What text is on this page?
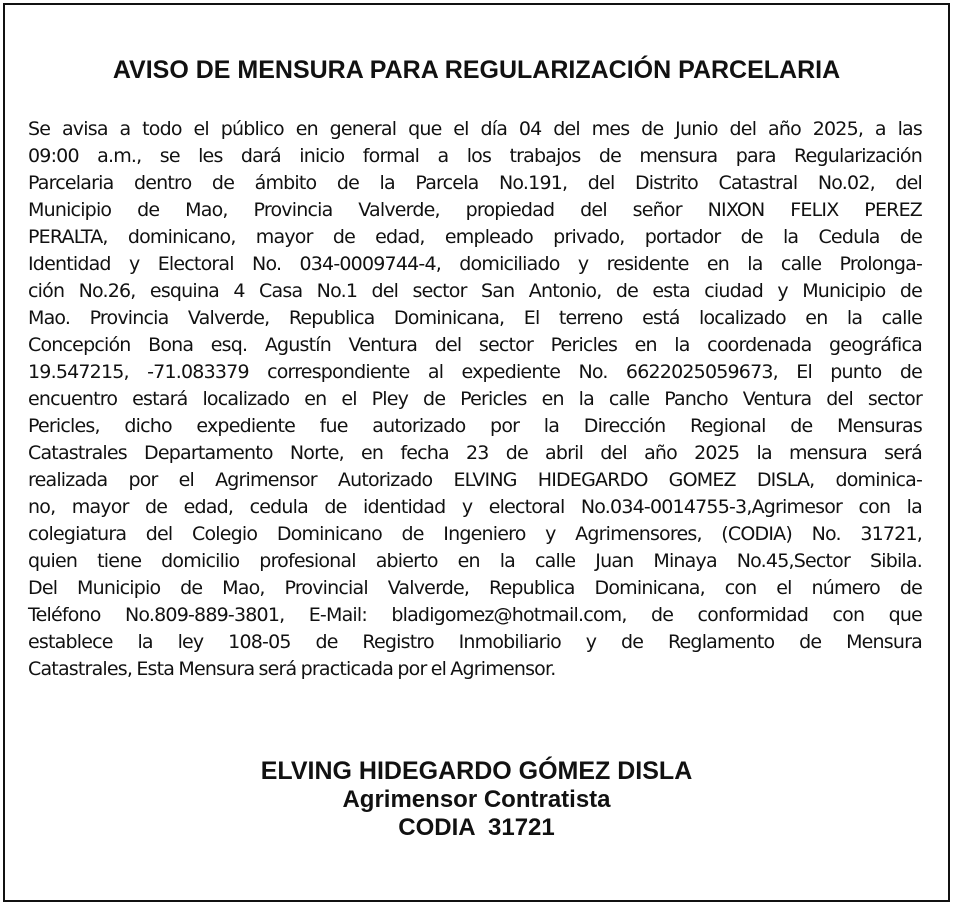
AVISO DE MENSURA PARA REGULARIZACIÓN PARCELARIA
Se avisa a todo el público en general que el día 04 del mes de Junio del año 2025, a las
09:00 a.m., se les dará inicio formal a los trabajos de mensura para Regularización
Parcelaria dentro de ámbito de la Parcela No.191, del Distrito Catastral No.02, del
Municipio de Mao, Provincia Valverde, propiedad del señor NIXON FELIX PEREZ
PERALTA, dominicano, mayor de edad, empleado privado, portador de la Cedula de
Identidad y Electoral No. 034-0009744-4, domiciliado y residente en la calle Prolonga-
ción No.26, esquina 4 Casa No.1 del sector San Antonio, de esta ciudad y Municipio de
Mao. Provincia Valverde, Republica Dominicana, El terreno está localizado en la calle
Concepción Bona esq. Agustín Ventura del sector Pericles en la coordenada geográfica
19.547215, -71.083379 correspondiente al expediente No. 6622025059673, El punto de
encuentro estará localizado en el Pley de Pericles en la calle Pancho Ventura del sector
Pericles, dicho expediente fue autorizado por la Dirección Regional de Mensuras
Catastrales Departamento Norte, en fecha 23 de abril del año 2025 la mensura será
realizada por el Agrimensor Autorizado ELVING HIDEGARDO GOMEZ DISLA, dominica-
no, mayor de edad, cedula de identidad y electoral No.034-0014755-3,Agrimesor con la
colegiatura del Colegio Dominicano de Ingeniero y Agrimensores, (CODIA) No. 31721,
quien tiene domicilio profesional abierto en la calle Juan Minaya No.45,Sector Sibila.
Del Municipio de Mao, Provincial Valverde, Republica Dominicana, con el número de
Teléfono No.809-889-3801, E-Mail: bladigomez@hotmail.com, de conformidad con que
establece la ley 108-05 de Registro Inmobiliario y de Reglamento de Mensura
Catastrales, Esta Mensura será practicada por el Agrimensor.
ELVING HIDEGARDO GÓMEZ DISLA
Agrimensor Contratista
CODIA  31721
